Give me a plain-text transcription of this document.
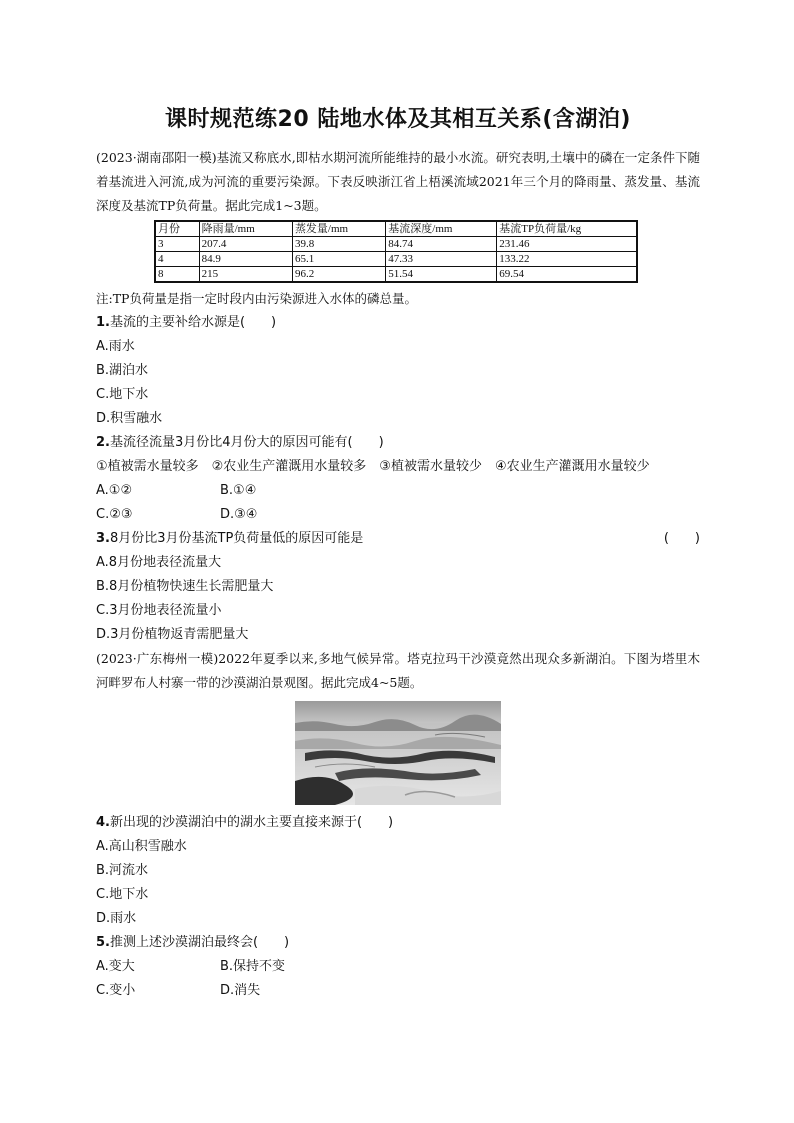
课时规范练20 陆地水体及其相互关系(含湖泊)

(2023·湖南邵阳一模)基流又称底水,即枯水期河流所能维持的最小水流。研究表明,土壤中的磷在一定条件下随着基流进入河流,成为河流的重要污染源。下表反映浙江省上梧溪流域2021年三个月的降雨量、蒸发量、基流深度及基流TP负荷量。据此完成1~3题。

月份	降雨量/mm	蒸发量/mm	基流深度/mm	基流TP负荷量/kg
3	207.4	39.8	84.74	231.46
4	84.9	65.1	47.33	133.22
8	215	96.2	51.54	69.54

注:TP负荷量是指一定时段内由污染源进入水体的磷总量。

1.基流的主要补给水源是(　　)

A.雨水

B.湖泊水

C.地下水

D.积雪融水

2.基流径流量3月份比4月份大的原因可能有(　　)

①植被需水量较多　②农业生产灌溉用水量较多　③植被需水量较少　④农业生产灌溉用水量较少

A.①②	B.①④
C.②③	D.③④

3.8月份比3月份基流TP负荷量低的原因可能是	(　　)

A.8月份地表径流量大

B.8月份植物快速生长需肥量大

C.3月份地表径流量小

D.3月份植物返青需肥量大

(2023·广东梅州一模)2022年夏季以来,多地气候异常。塔克拉玛干沙漠竟然出现众多新湖泊。下图为塔里木河畔罗布人村寨一带的沙漠湖泊景观图。据此完成4~5题。

4.新出现的沙漠湖泊中的湖水主要直接来源于(　　)

A.高山积雪融水

B.河流水

C.地下水

D.雨水

5.推测上述沙漠湖泊最终会(　　)

A.变大	B.保持不变
C.变小	D.消失
